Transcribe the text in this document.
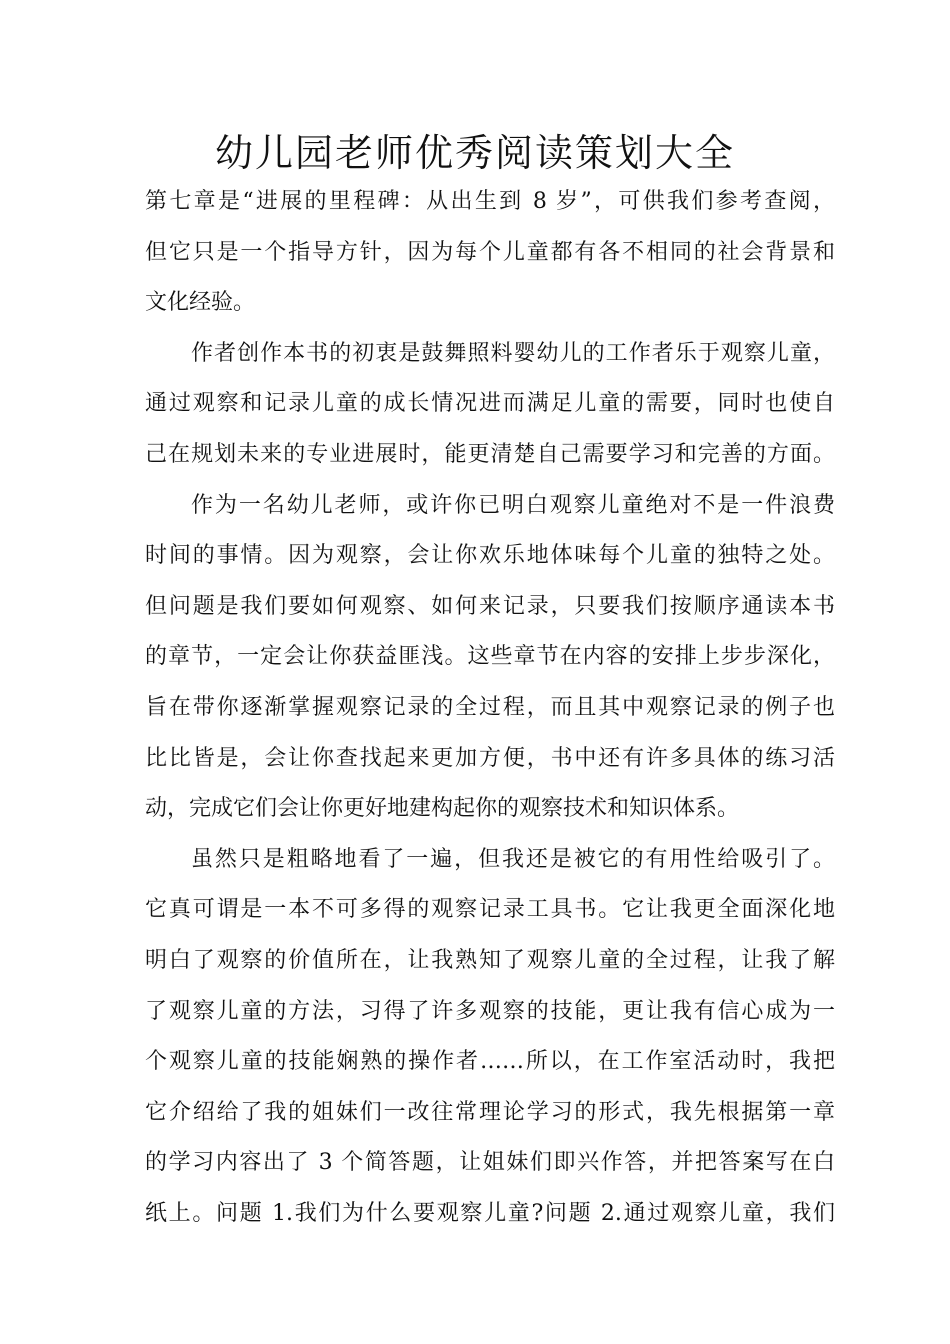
幼儿园老师优秀阅读策划大全
第七章是“进展的里程碑：从出生到 8 岁”，可供我们参考查阅，
但它只是一个指导方针，因为每个儿童都有各不相同的社会背景和
文化经验。
作者创作本书的初衷是鼓舞照料婴幼儿的工作者乐于观察儿童，
通过观察和记录儿童的成长情况进而满足儿童的需要，同时也使自
己在规划未来的专业进展时，能更清楚自己需要学习和完善的方面。
作为一名幼儿老师，或许你已明白观察儿童绝对不是一件浪费
时间的事情。因为观察，会让你欢乐地体味每个儿童的独特之处。
但问题是我们要如何观察、如何来记录，只要我们按顺序通读本书
的章节，一定会让你获益匪浅。这些章节在内容的安排上步步深化，
旨在带你逐渐掌握观察记录的全过程，而且其中观察记录的例子也
比比皆是，会让你查找起来更加方便，书中还有许多具体的练习活
动，完成它们会让你更好地建构起你的观察技术和知识体系。
虽然只是粗略地看了一遍，但我还是被它的有用性给吸引了。
它真可谓是一本不可多得的观察记录工具书。它让我更全面深化地
明白了观察的价值所在，让我熟知了观察儿童的全过程，让我了解
了观察儿童的方法，习得了许多观察的技能，更让我有信心成为一
个观察儿童的技能娴熟的操作者……所以，在工作室活动时，我把
它介绍给了我的姐妹们一改往常理论学习的形式，我先根据第一章
的学习内容出了 3 个简答题，让姐妹们即兴作答，并把答案写在白
纸上。问题 1.我们为什么要观察儿童?问题 2.通过观察儿童，我们
